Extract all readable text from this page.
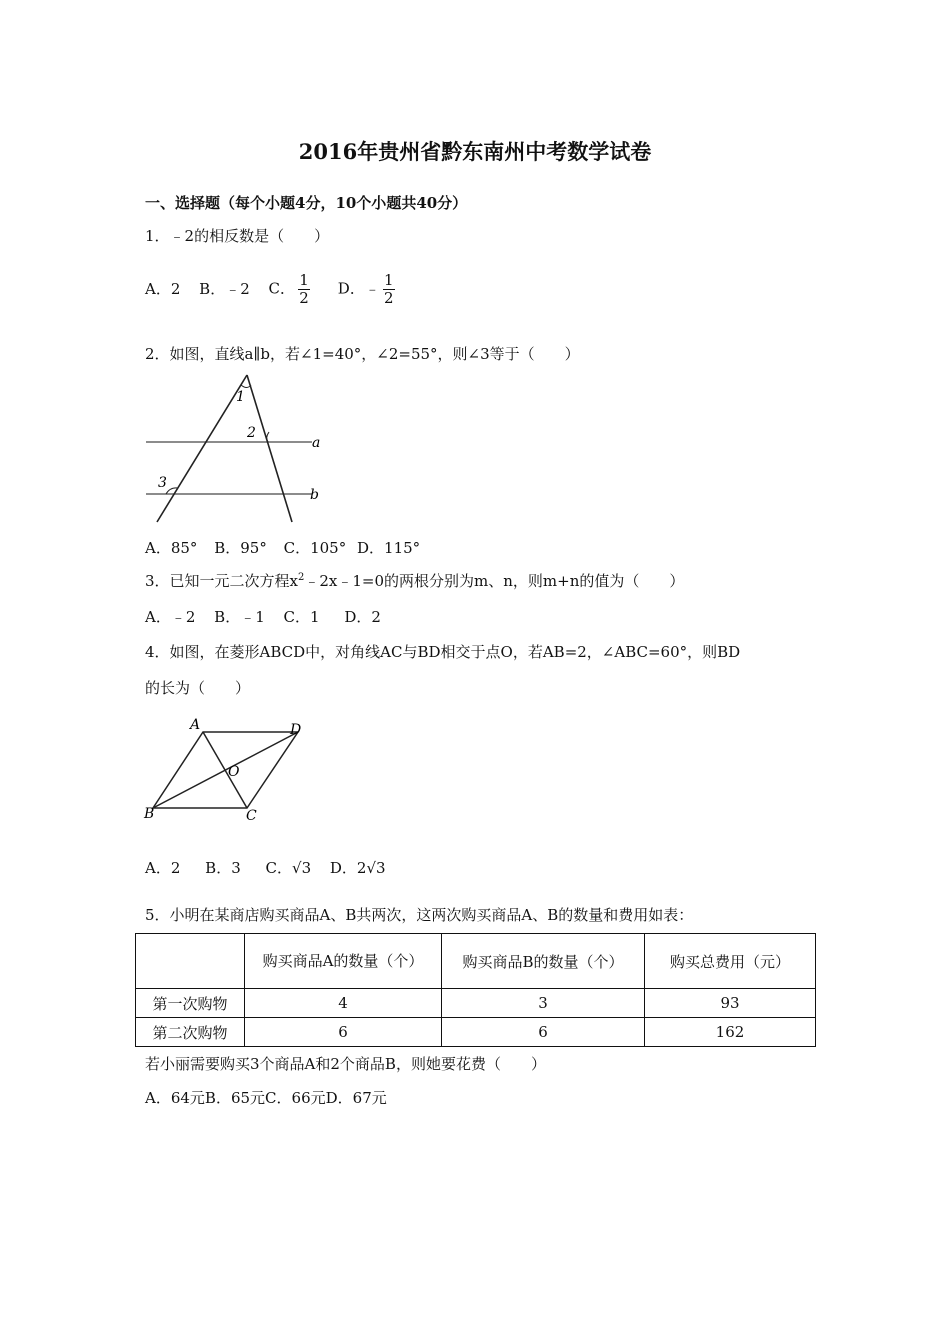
2016年贵州省黔东南州中考数学试卷
一、选择题（每个小题4分，10个小题共40分）
1．﹣2的相反数是（　　）
A．2 B．﹣2 C． $\frac{1}{2}$ D．﹣ $\frac{1}{2}$
2．如图，直线a∥b，若∠1=40°，∠2=55°，则∠3等于（　　）
1
2
3
a
b
A．85° B．95° C．105° D．115°
3．已知一元二次方程$x^2﹣2x﹣1=0$的两根分别为m、n，则m+n的值为（　　）
A．﹣2 B．﹣1 C．1 D．2
4．如图，在菱形ABCD中，对角线AC与BD相交于点O，若AB=2，∠ABC=60°，则BD
的长为（　　）
A	D
B	C
O
A．2 B．3 C．√3 D．2√3
5．小明在某商店购买商品A、B共两次，这两次购买商品A、B的数量和费用如表：
	购买商品A的数量（个）	购买商品B的数量（个）	购买总费用（元）
第一次购物	4	3	93
第二次购物	6	6	162
若小丽需要购买3个商品A和2个商品B，则她要花费（　　）
A．64元B．65元C．66元D．67元
